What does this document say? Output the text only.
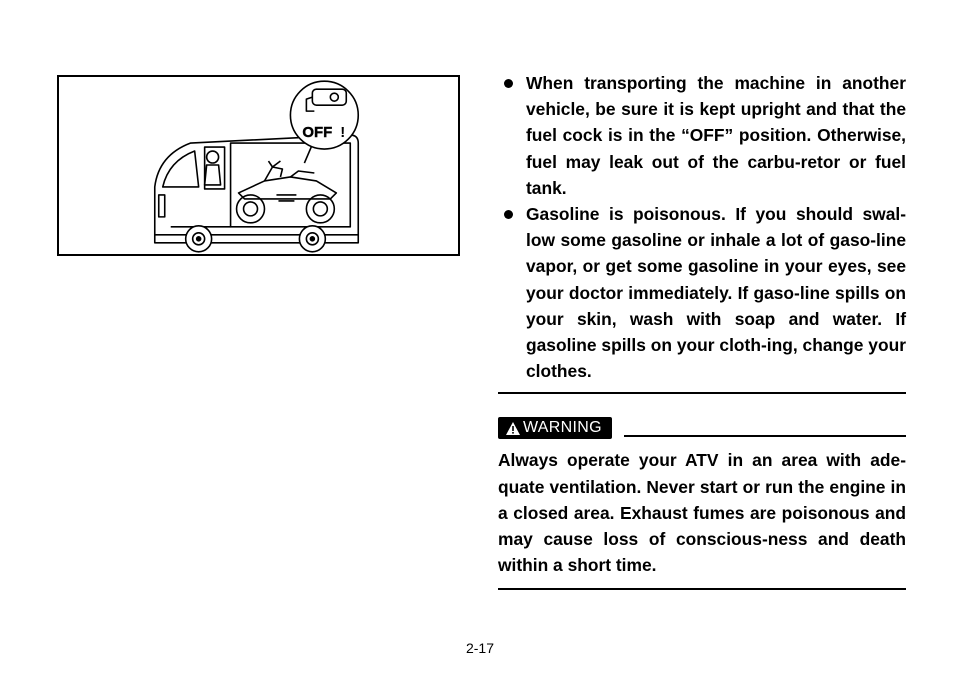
OFF !
When transporting the machine in another vehicle, be sure it is kept upright and that the fuel cock is in the “OFF” position. Otherwise, fuel may leak out of the carbu-retor or fuel tank.
Gasoline is poisonous. If you should swal-low some gasoline or inhale a lot of gaso-line vapor, or get some gasoline in your eyes, see your doctor immediately. If gaso-line spills on your skin, wash with soap and water. If gasoline spills on your cloth-ing, change your clothes.
WARNING
Always operate your ATV in an area with ade-quate ventilation. Never start or run the engine in a closed area. Exhaust fumes are poisonous and may cause loss of conscious-ness and death within a short time.
2-17
